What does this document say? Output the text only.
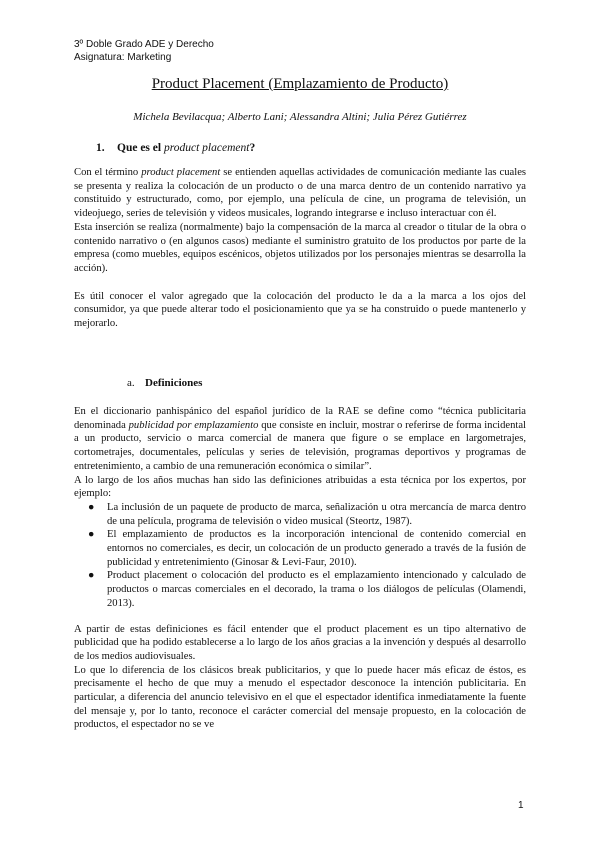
3º Doble Grado ADE y Derecho
Asignatura: Marketing
Product Placement (Emplazamiento de Producto)
Michela Bevilacqua; Alberto Lani; Alessandra Altini; Julia Pérez Gutiérrez
1. Que es el product placement?

Con el término product placement se entienden aquellas actividades de comunicación mediante las cuales se presenta y realiza la colocación de un producto o de una marca dentro de un contenido narrativo ya constituido y estructurado, como, por ejemplo, una película de cine, un programa de televisión, un videojuego, series de televisión y videos musicales, logrando integrarse e incluso interactuar con él.

Esta inserción se realiza (normalmente) bajo la compensación de la marca al creador o titular de la obra o contenido narrativo o (en algunos casos) mediante el suministro gratuito de los productos por parte de la empresa (como muebles, equipos escénicos, objetos utilizados por los personajes mientras se desarrolla la acción).

Es útil conocer el valor agregado que la colocación del producto le da a la marca a los ojos del consumidor, ya que puede alterar todo el posicionamiento que ya se ha construido o puede mantenerlo y mejorarlo.

a. Definiciones

En el diccionario panhispánico del español jurídico de la RAE se define como “técnica publicitaria denominada publicidad por emplazamiento que consiste en incluir, mostrar o referirse de forma incidental a un producto, servicio o marca comercial de manera que figure o se emplace en largometrajes, cortometrajes, documentales, películas y series de televisión, programas deportivos y programas de entretenimiento, a cambio de una remuneración económica o similar”.

A lo largo de los años muchas han sido las definiciones atribuidas a esta técnica por los expertos, por ejemplo:

● La inclusión de un paquete de producto de marca, señalización u otra mercancía de marca dentro de una película, programa de televisión o video musical (Steortz, 1987).
● El emplazamiento de productos es la incorporación intencional de contenido comercial en entornos no comerciales, es decir, un colocación de un producto generado a través de la fusión de publicidad y entretenimiento (Ginosar & Levi-Faur, 2010).
● Product placement o colocación del producto es el emplazamiento intencionado y calculado de productos o marcas comerciales en el decorado, la trama o los diálogos de películas (Olamendi, 2013).

A partir de estas definiciones es fácil entender que el product placement es un tipo alternativo de publicidad que ha podido establecerse a lo largo de los años gracias a la invención y después al desarrollo de los medios audiovisuales.

Lo que lo diferencia de los clásicos break publicitarios, y que lo puede hacer más eficaz de éstos, es precisamente el hecho de que muy a menudo el espectador desconoce la intención publicitaria. En particular, a diferencia del anuncio televisivo en el que el espectador identifica inmediatamente la fuente del mensaje y, por lo tanto, reconoce el carácter comercial del mensaje propuesto, en la colocación de productos, el espectador no se ve

1
